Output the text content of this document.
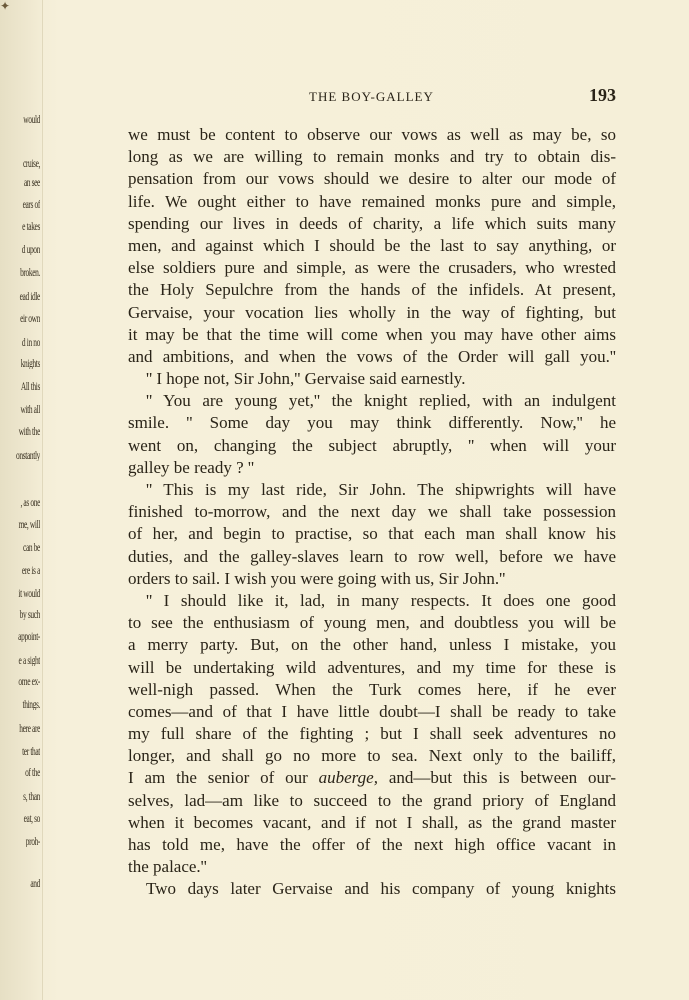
✦
would
cruise,
an see
ears of
e takes
d upon
broken.
ead idle
eir own
d in no
knights
All this
with all
with the
onstantly
, as one
me, will
can be
ere is a
it would
by such
appoint-
e a sight
ome ex-
things.
here are
ter that
of the
s, than
eat, so
proh-
and
THE BOY-GALLEY	193
we must be content to observe our vows as well as may be, so
long as we are willing to remain monks and try to obtain dis-
pensation from our vows should we desire to alter our mode of
life. We ought either to have remained monks pure and simple,
spending our lives in deeds of charity, a life which suits many
men, and against which I should be the last to say anything, or
else soldiers pure and simple, as were the crusaders, who wrested
the Holy Sepulchre from the hands of the infidels. At present,
Gervaise, your vocation lies wholly in the way of fighting, but
it may be that the time will come when you may have other aims
and ambitions, and when the vows of the Order will gall you.''
'' I hope not, Sir John,'' Gervaise said earnestly.
'' You are young yet,'' the knight replied, with an indulgent
smile. '' Some day you may think differently. Now,'' he
went on, changing the subject abruptly, '' when will your
galley be ready ? ''
'' This is my last ride, Sir John. The shipwrights will have
finished to-morrow, and the next day we shall take possession
of her, and begin to practise, so that each man shall know his
duties, and the galley-slaves learn to row well, before we have
orders to sail. I wish you were going with us, Sir John.''
'' I should like it, lad, in many respects. It does one good
to see the enthusiasm of young men, and doubtless you will be
a merry party. But, on the other hand, unless I mistake, you
will be undertaking wild adventures, and my time for these is
well-nigh passed. When the Turk comes here, if he ever
comes—and of that I have little doubt—I shall be ready to take
my full share of the fighting ; but I shall seek adventures no
longer, and shall go no more to sea. Next only to the bailiff,
I am the senior of our auberge, and—but this is between our-
selves, lad—am like to succeed to the grand priory of England
when it becomes vacant, and if not I shall, as the grand master
has told me, have the offer of the next high office vacant in
the palace.''
Two days later Gervaise and his company of young knights
